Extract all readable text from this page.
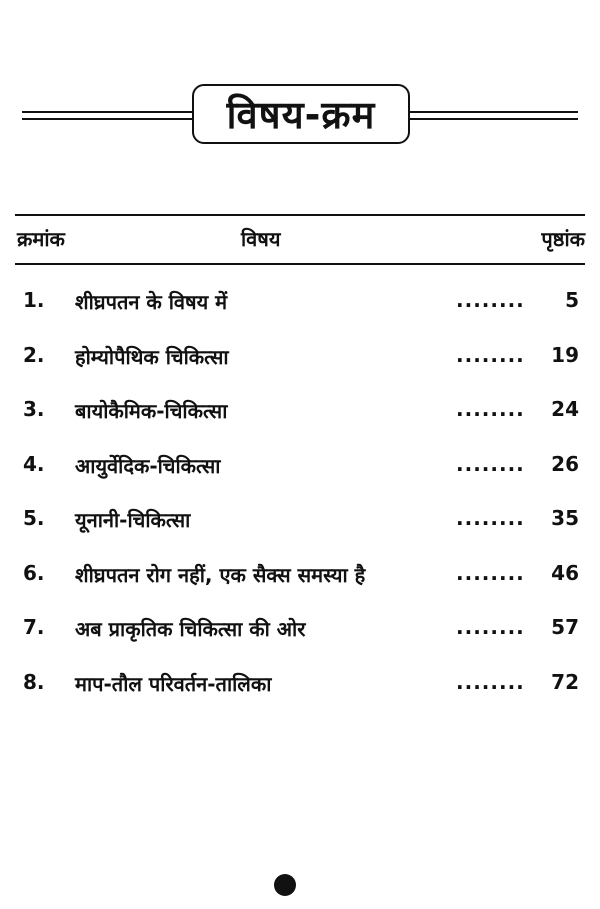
विषय-क्रम
क्रमांक	विषय	पृष्ठांक
1. शीघ्रपतन के विषय में	........ 5
2. होम्योपैथिक चिकित्सा	........ 19
3. बायोकैमिक-चिकित्सा	........ 24
4. आयुर्वेदिक-चिकित्सा	........ 26
5. यूनानी-चिकित्सा	........ 35
6. शीघ्रपतन रोग नहीं, एक सैक्स समस्या है	........ 46
7. अब प्राकृतिक चिकित्सा की ओर	........ 57
8. माप-तौल परिवर्तन-तालिका	........ 72
